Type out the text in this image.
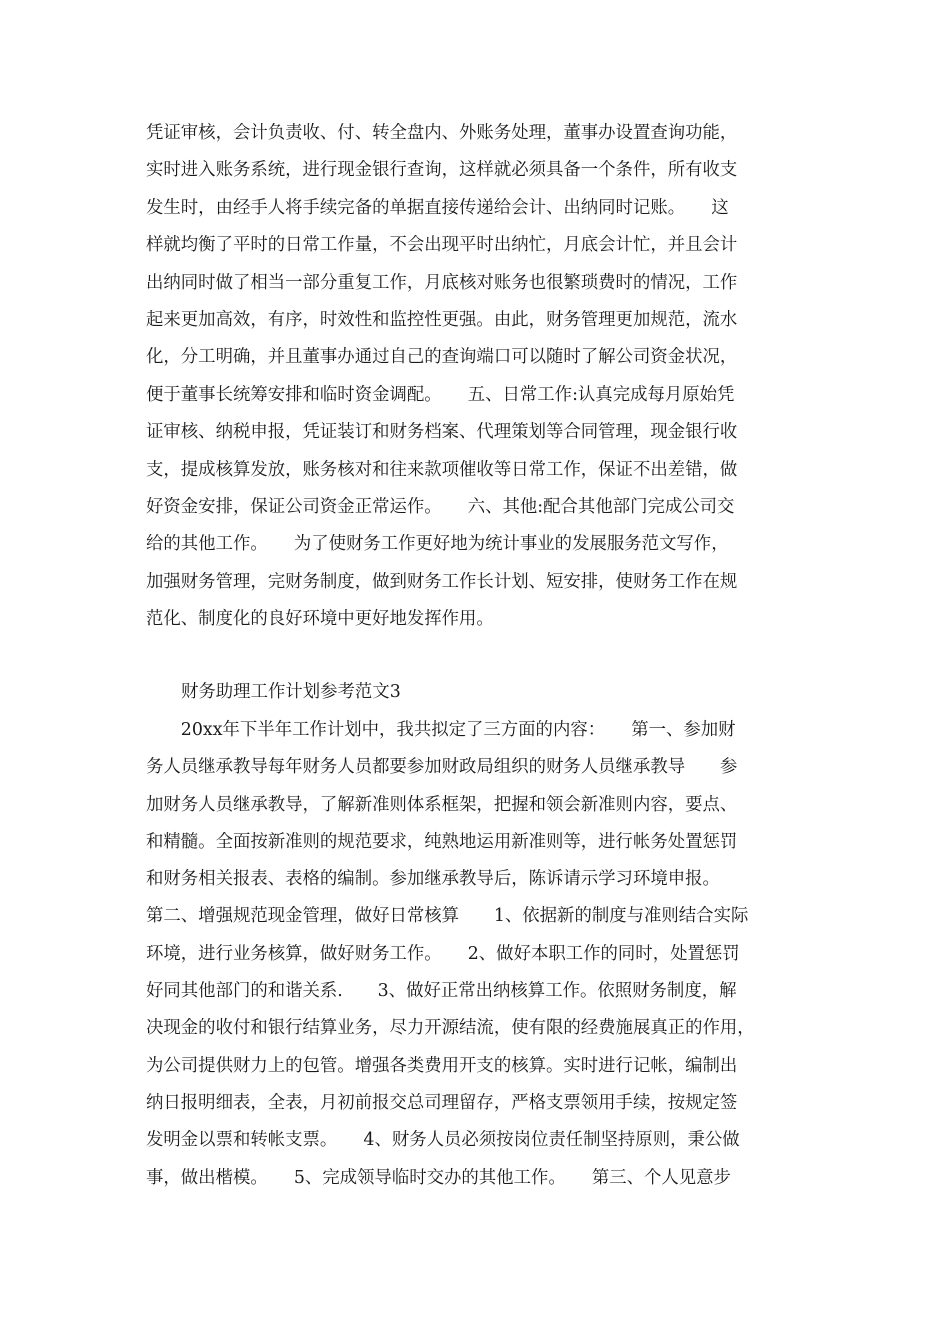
凭证审核，会计负责收、付、转全盘内、外账务处理，董事办设置查询功能，
实时进入账务系统，进行现金银行查询，这样就必须具备一个条件，所有收支
发生时，由经手人将手续完备的单据直接传递给会计、出纳同时记账。　　这
样就均衡了平时的日常工作量，不会出现平时出纳忙，月底会计忙，并且会计
出纳同时做了相当一部分重复工作，月底核对账务也很繁琐费时的情况，工作
起来更加高效，有序，时效性和监控性更强。由此，财务管理更加规范，流水
化，分工明确，并且董事办通过自己的查询端口可以随时了解公司资金状况，
便于董事长统筹安排和临时资金调配。　　五、日常工作:认真完成每月原始凭
证审核、纳税申报，凭证装订和财务档案、代理策划等合同管理，现金银行收
支，提成核算发放，账务核对和往来款项催收等日常工作，保证不出差错，做
好资金安排，保证公司资金正常运作。　　六、其他:配合其他部门完成公司交
给的其他工作。　　为了使财务工作更好地为统计事业的发展服务范文写作，
加强财务管理，完财务制度，做到财务工作长计划、短安排，使财务工作在规
范化、制度化的良好环境中更好地发挥作用。
财务助理工作计划参考范文3
　　20xx年下半年工作计划中，我共拟定了三方面的内容：　　第一、参加财
务人员继承教导每年财务人员都要参加财政局组织的财务人员继承教导　　参
加财务人员继承教导，了解新准则体系框架，把握和领会新准则内容，要点、
和精髓。全面按新准则的规范要求，纯熟地运用新准则等，进行帐务处置惩罚
和财务相关报表、表格的编制。参加继承教导后，陈诉请示学习环境申报。
第二、增强规范现金管理，做好日常核算　　1、依据新的制度与准则结合实际
环境，进行业务核算，做好财务工作。　　2、做好本职工作的同时，处置惩罚
好同其他部门的和谐关系.　　3、做好正常出纳核算工作。依照财务制度，解
决现金的收付和银行结算业务，尽力开源结流，使有限的经费施展真正的作用，
为公司提供财力上的包管。增强各类费用开支的核算。实时进行记帐，编制出
纳日报明细表，全表，月初前报交总司理留存，严格支票领用手续，按规定签
发明金以票和转帐支票。　　4、财务人员必须按岗位责任制坚持原则，秉公做
事，做出楷模。　　5、完成领导临时交办的其他工作。　　第三、个人见意步
